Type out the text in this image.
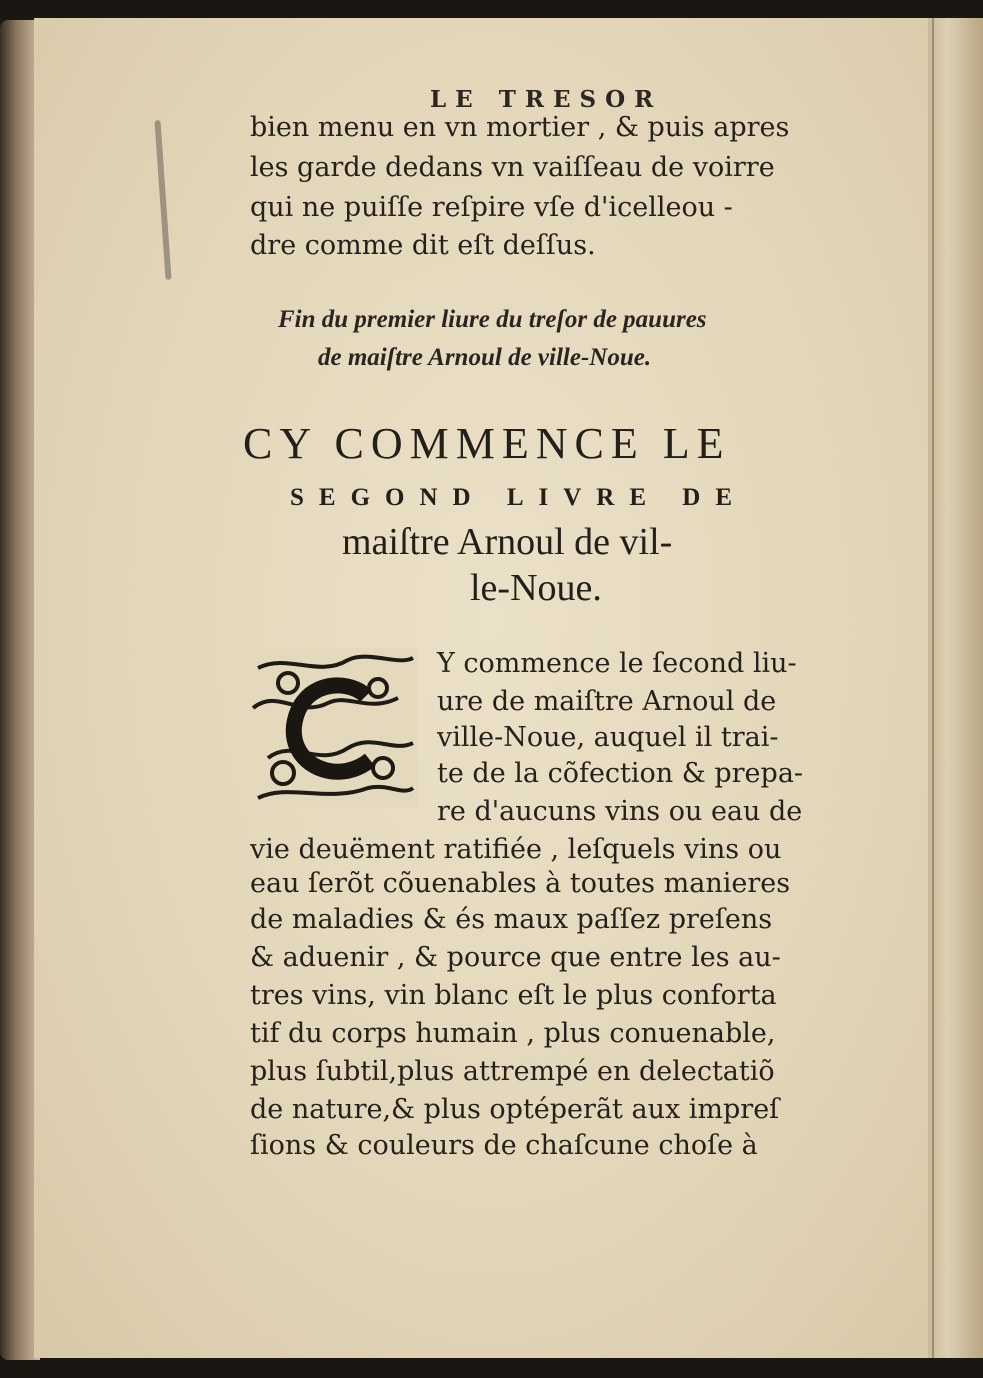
LE TRESOR
bien menu en vn mortier , & puis apres
les garde dedans vn vaiſſeau de voirre
qui ne puiſſe reſpire vſe d'icelleou -
dre comme dit eſt deſſus.
Fin du premier liure du treſor de pauures
de maiſtre Arnoul de ville-Noue.
CY COMMENCE LE
SEGOND LIVRE DE
maiſtre Arnoul de vil-
le-Noue.
C
Y commence le ſecond liu-
ure de maiſtre Arnoul de
ville-Noue, auquel il trai-
te de la cõfection & prepa-
re d'aucuns vins ou eau de
vie deuëment ratifiée , leſquels vins ou
eau ſerõt cõuenables à toutes manieres
de maladies & és maux paſſez preſens
& aduenir , & pource que entre les au-
tres vins, vin blanc eſt le plus conforta
tif du corps humain , plus conuenable,
plus ſubtil,plus attrempé en delectatiõ
de nature,& plus optéperãt aux impreſ
ſions & couleurs de chaſcune choſe à
